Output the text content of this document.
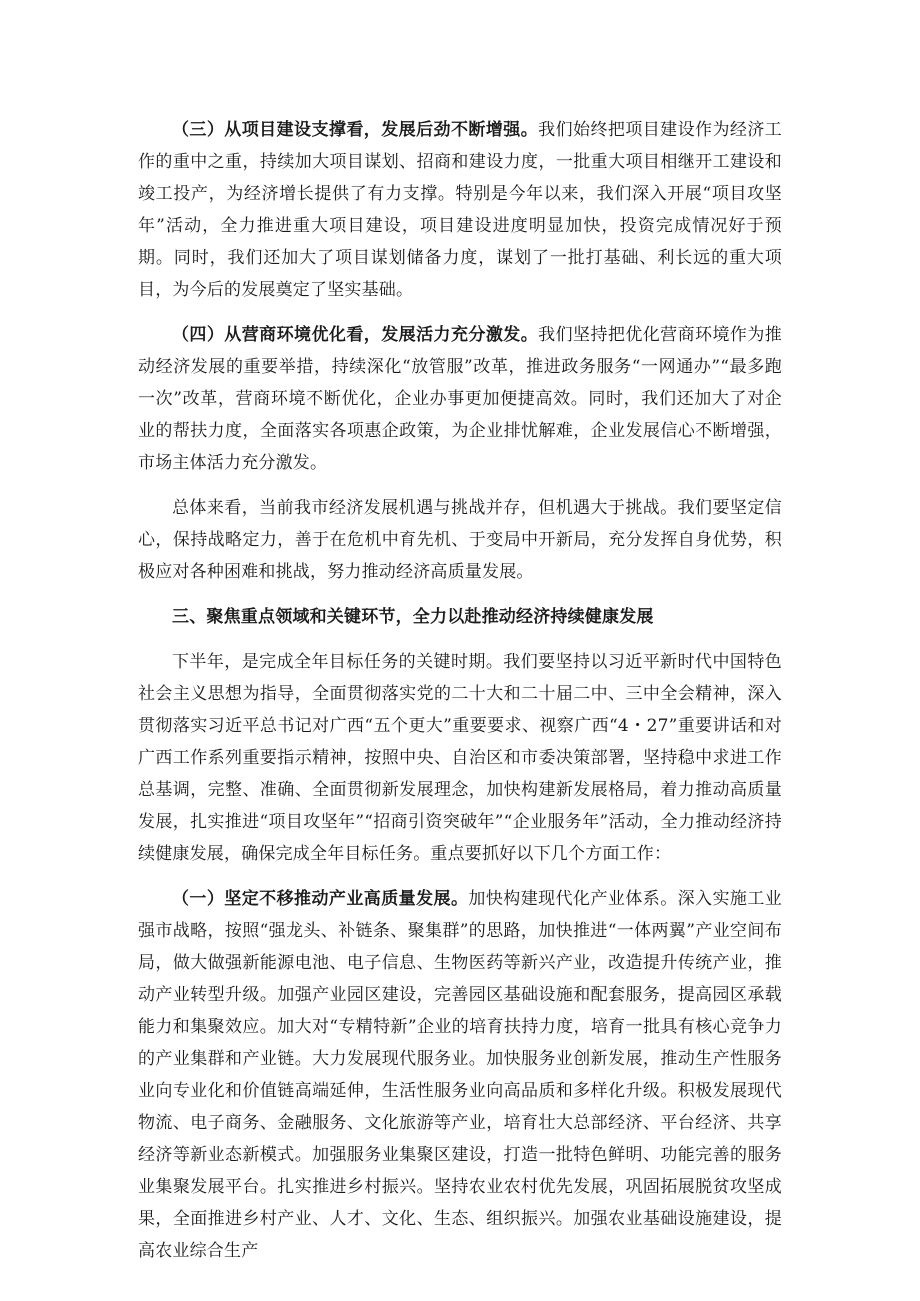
（三）从项目建设支撑看，发展后劲不断增强。我们始终把项目建设作为经济工作的重中之重，持续加大项目谋划、招商和建设力度，一批重大项目相继开工建设和竣工投产，为经济增长提供了有力支撑。特别是今年以来，我们深入开展“项目攻坚年”活动，全力推进重大项目建设，项目建设进度明显加快，投资完成情况好于预期。同时，我们还加大了项目谋划储备力度，谋划了一批打基础、利长远的重大项目，为今后的发展奠定了坚实基础。

（四）从营商环境优化看，发展活力充分激发。我们坚持把优化营商环境作为推动经济发展的重要举措，持续深化“放管服”改革，推进政务服务“一网通办”“最多跑一次”改革，营商环境不断优化，企业办事更加便捷高效。同时，我们还加大了对企业的帮扶力度，全面落实各项惠企政策，为企业排忧解难，企业发展信心不断增强，市场主体活力充分激发。

总体来看，当前我市经济发展机遇与挑战并存，但机遇大于挑战。我们要坚定信心，保持战略定力，善于在危机中育先机、于变局中开新局，充分发挥自身优势，积极应对各种困难和挑战，努力推动经济高质量发展。

三、聚焦重点领域和关键环节，全力以赴推动经济持续健康发展

下半年，是完成全年目标任务的关键时期。我们要坚持以习近平新时代中国特色社会主义思想为指导，全面贯彻落实党的二十大和二十届二中、三中全会精神，深入贯彻落实习近平总书记对广西“五个更大”重要要求、视察广西“4・27”重要讲话和对广西工作系列重要指示精神，按照中央、自治区和市委决策部署，坚持稳中求进工作总基调，完整、准确、全面贯彻新发展理念，加快构建新发展格局，着力推动高质量发展，扎实推进“项目攻坚年”“招商引资突破年”“企业服务年”活动，全力推动经济持续健康发展，确保完成全年目标任务。重点要抓好以下几个方面工作：

（一）坚定不移推动产业高质量发展。加快构建现代化产业体系。深入实施工业强市战略，按照“强龙头、补链条、聚集群”的思路，加快推进“一体两翼”产业空间布局，做大做强新能源电池、电子信息、生物医药等新兴产业，改造提升传统产业，推动产业转型升级。加强产业园区建设，完善园区基础设施和配套服务，提高园区承载能力和集聚效应。加大对“专精特新”企业的培育扶持力度，培育一批具有核心竞争力的产业集群和产业链。大力发展现代服务业。加快服务业创新发展，推动生产性服务业向专业化和价值链高端延伸，生活性服务业向高品质和多样化升级。积极发展现代物流、电子商务、金融服务、文化旅游等产业，培育壮大总部经济、平台经济、共享经济等新业态新模式。加强服务业集聚区建设，打造一批特色鲜明、功能完善的服务业集聚发展平台。扎实推进乡村振兴。坚持农业农村优先发展，巩固拓展脱贫攻坚成果，全面推进乡村产业、人才、文化、生态、组织振兴。加强农业基础设施建设，提高农业综合生产
